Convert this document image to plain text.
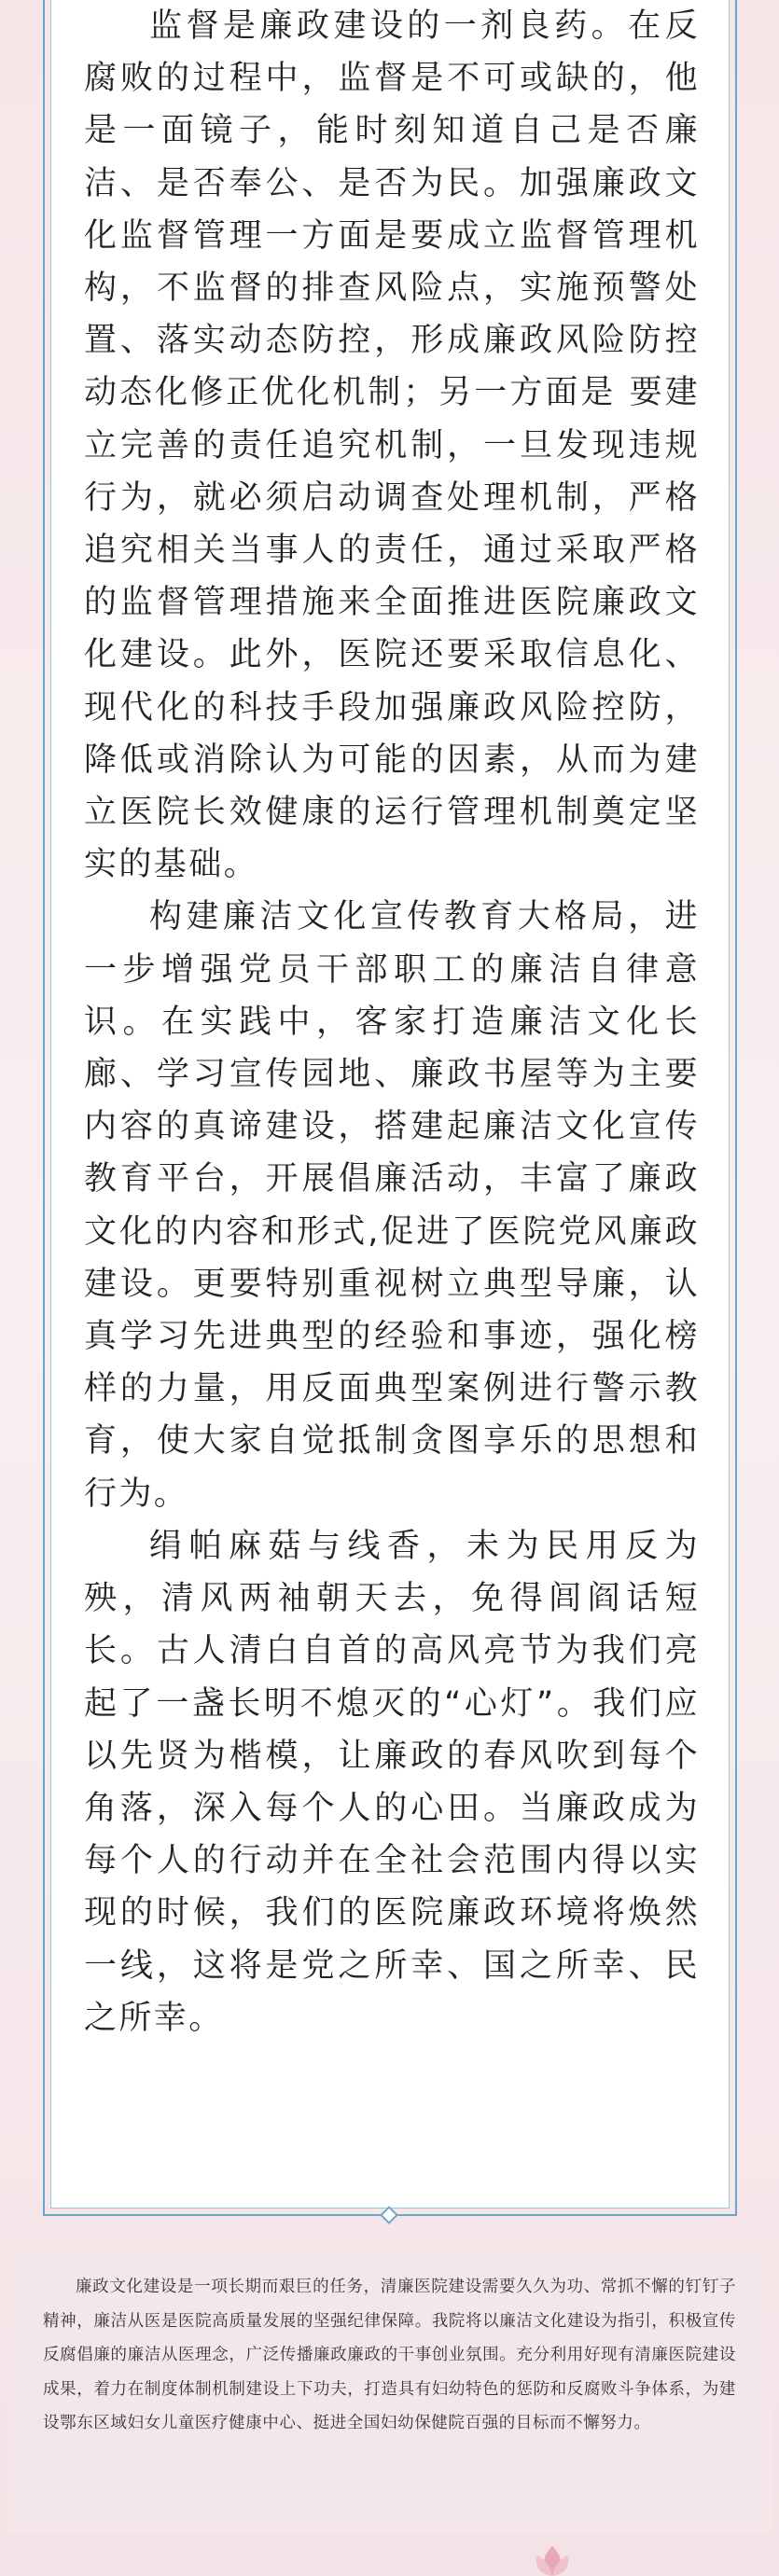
监督是廉政建设的一剂良药。在反腐败的过程中，监督是不可或缺的，他是一面镜子，能时刻知道自己是否廉洁、是否奉公、是否为民。加强廉政文化监督管理一方面是要成立监督管理机构，不监督的排查风险点，实施预警处置、落实动态防控，形成廉政风险防控动态化修正优化机制；另一方面是 要建立完善的责任追究机制，一旦发现违规行为，就必须启动调查处理机制，严格追究相关当事人的责任，通过采取严格的监督管理措施来全面推进医院廉政文化建设。此外，医院还要采取信息化、现代化的科技手段加强廉政风险控防，降低或消除认为可能的因素，从而为建立医院长效健康的运行管理机制奠定坚实的基础。

构建廉洁文化宣传教育大格局，进一步增强党员干部职工的廉洁自律意识。在实践中，客家打造廉洁文化长廊、学习宣传园地、廉政书屋等为主要内容的真谛建设，搭建起廉洁文化宣传教育平台，开展倡廉活动，丰富了廉政文化的内容和形式,促进了医院党风廉政建设。更要特别重视树立典型导廉，认真学习先进典型的经验和事迹，强化榜样的力量，用反面典型案例进行警示教育，使大家自觉抵制贪图享乐的思想和行为。

绢帕麻菇与线香，未为民用反为殃，清风两袖朝天去，免得闾阎话短长。古人清白自首的高风亮节为我们亮起了一盏长明不熄灭的“心灯”。我们应以先贤为楷模，让廉政的春风吹到每个角落，深入每个人的心田。当廉政成为每个人的行动并在全社会范围内得以实现的时候，我们的医院廉政环境将焕然一线，这将是党之所幸、国之所幸、民之所幸。

廉政文化建设是一项长期而艰巨的任务，清廉医院建设需要久久为功、常抓不懈的钉钉子精神，廉洁从医是医院高质量发展的坚强纪律保障。我院将以廉洁文化建设为指引，积极宣传反腐倡廉的廉洁从医理念，广泛传播廉政廉政的干事创业氛围。充分利用好现有清廉医院建设成果，着力在制度体制机制建设上下功夫，打造具有妇幼特色的惩防和反腐败斗争体系，为建设鄂东区域妇女儿童医疗健康中心、挺进全国妇幼保健院百强的目标而不懈努力。
